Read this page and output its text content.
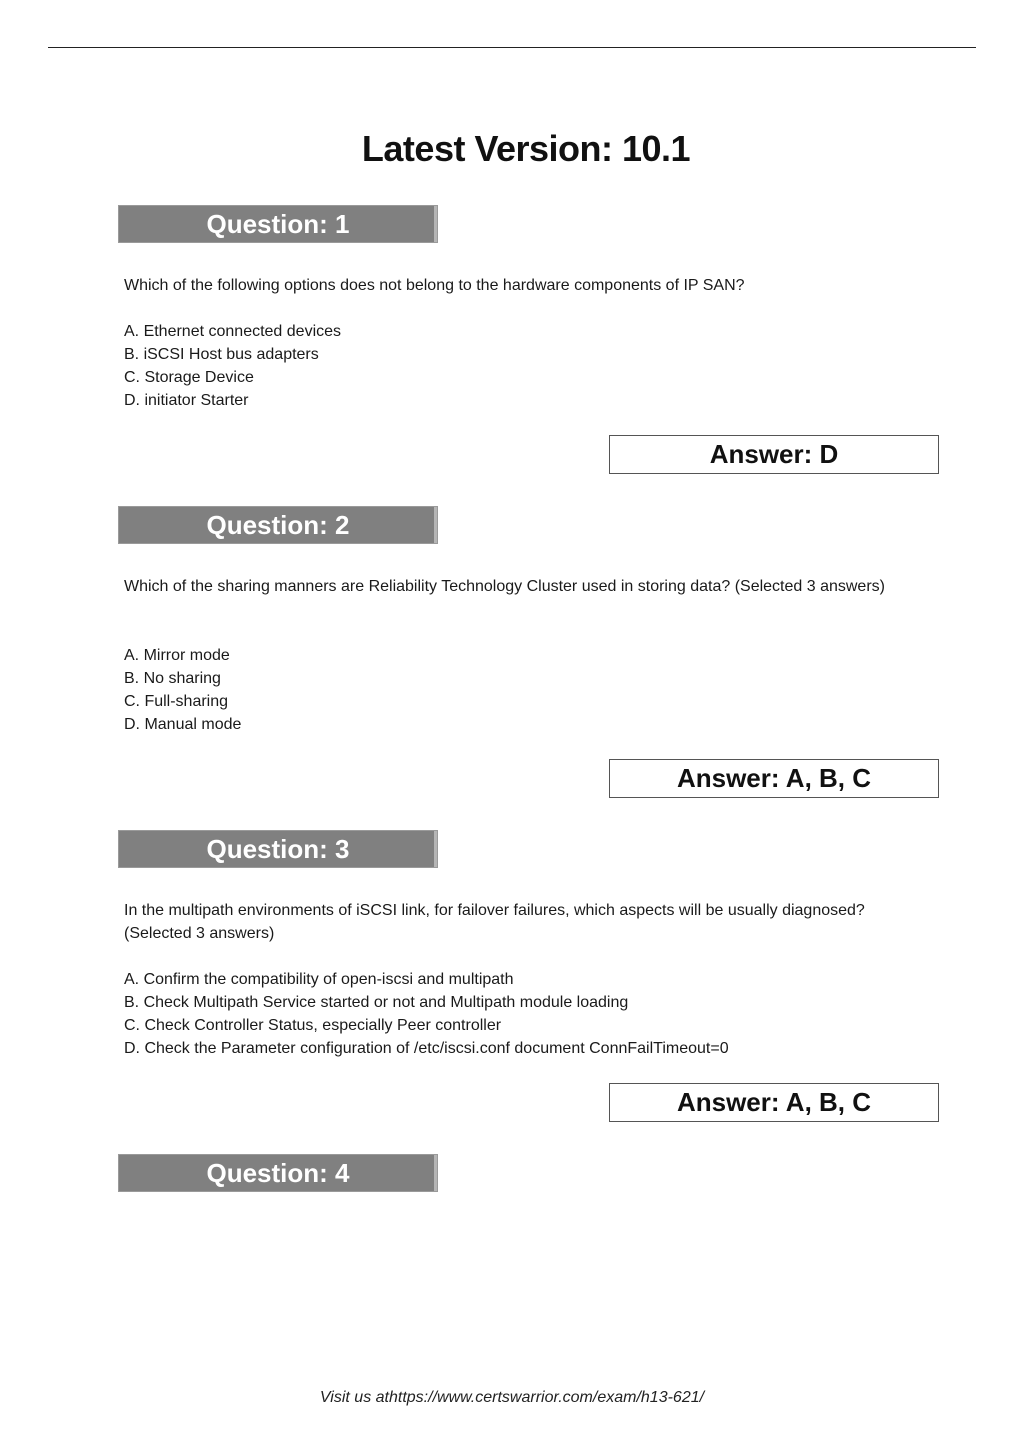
Latest Version: 10.1
Question: 1

Which of the following options does not belong to the hardware components of IP SAN?

A. Ethernet connected devices
B. iSCSI Host bus adapters
C. Storage Device
D. initiator Starter
Answer: D
Question: 2

Which of the sharing manners are Reliability Technology Cluster used in storing data? (Selected 3 answers)

A. Mirror mode
B. No sharing
C. Full-sharing
D. Manual mode
Answer: A, B, C
Question: 3

In the multipath environments of iSCSI link, for failover failures, which aspects will be usually diagnosed? (Selected 3 answers)

A. Confirm the compatibility of open-iscsi and multipath
B. Check Multipath Service started or not and Multipath module loading
C. Check Controller Status, especially Peer controller
D. Check the Parameter configuration of /etc/iscsi.conf document ConnFailTimeout=0
Answer: A, B, C
Question: 4
Visit us athttps://www.certswarrior.com/exam/h13-621/
